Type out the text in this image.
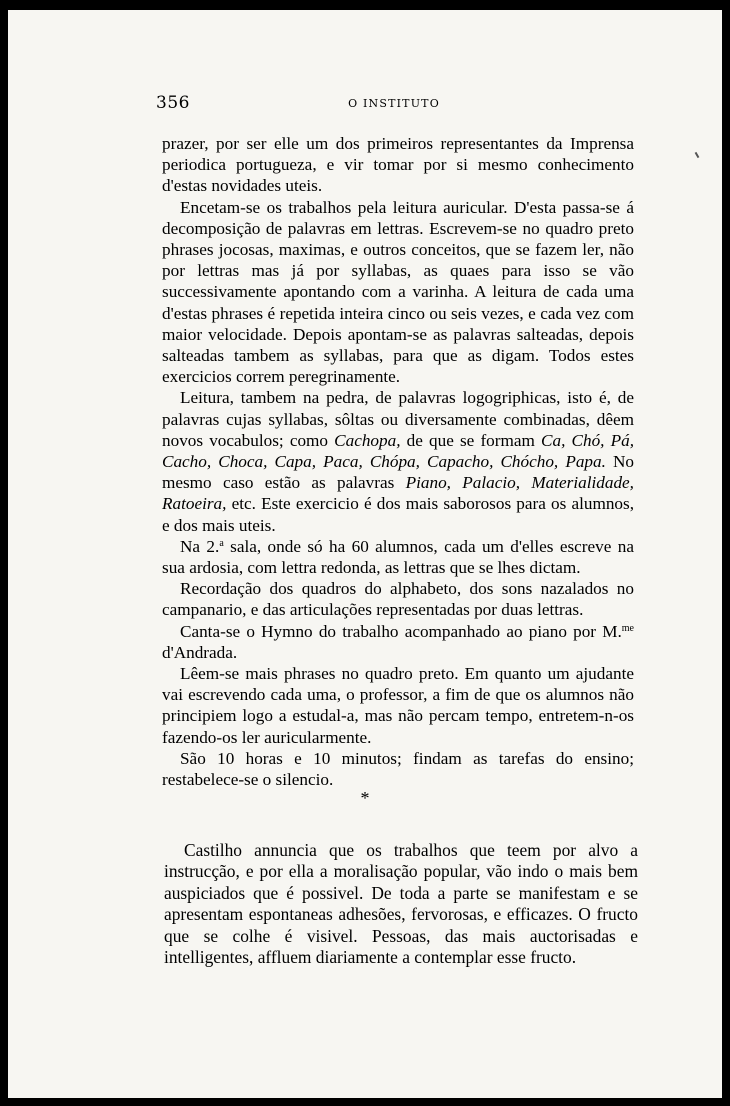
356	O INSTITUTO

prazer, por ser elle um dos primeiros representantes da Imprensa periodica portugueza, e vir tomar por si mesmo conhecimento d'estas novidades uteis.

Encetam-se os trabalhos pela leitura auricular. D'esta passa-se á decomposição de palavras em lettras. Escrevem-se no quadro preto phrases jocosas, maximas, e outros conceitos, que se fazem ler, não por lettras mas já por syllabas, as quaes para isso se vão successivamente apontando com a varinha. A leitura de cada uma d'estas phrases é repetida inteira cinco ou seis vezes, e cada vez com maior velocidade. Depois apontam-se as palavras salteadas, depois salteadas tambem as syllabas, para que as digam. Todos estes exercicios correm peregrinamente.

Leitura, tambem na pedra, de palavras logogriphicas, isto é, de palavras cujas syllabas, sôltas ou diversamente combinadas, dêem novos vocabulos; como Cachopa, de que se formam Ca, Chó, Pá, Cacho, Choca, Capa, Paca, Chópa, Capacho, Chócho, Papa. No mesmo caso estão as palavras Piano, Palacio, Materialidade, Ratoeira, etc. Este exercicio é dos mais saborosos para os alumnos, e dos mais uteis.

Na 2.$^a$ sala, onde só ha 60 alumnos, cada um d'elles escreve na sua ardosia, com lettra redonda, as lettras que se lhes dictam.

Recordação dos quadros do alphabeto, dos sons nazalados no campanario, e das articulações representadas por duas lettras.

Canta-se o Hymno do trabalho acompanhado ao piano por M.$^{me}$ d'Andrada.

Lêem-se mais phrases no quadro preto. Em quanto um ajudante vai escrevendo cada uma, o professor, a fim de que os alumnos não principiem logo a estudal-a, mas não percam tempo, entretem-n-os fazendo-os ler auricularmente.

São 10 horas e 10 minutos; findam as tarefas do ensino; restabelece-se o silencio.

*

Castilho annuncia que os trabalhos que teem por alvo a instrucção, e por ella a moralisação popular, vão indo o mais bem auspiciados que é possivel. De toda a parte se manifestam e se apresentam espontaneas adhesões, fervorosas, e efficazes. O fructo que se colhe é visivel. Pessoas, das mais auctorisadas e intelligentes, affluem diariamente a contemplar esse fructo.
